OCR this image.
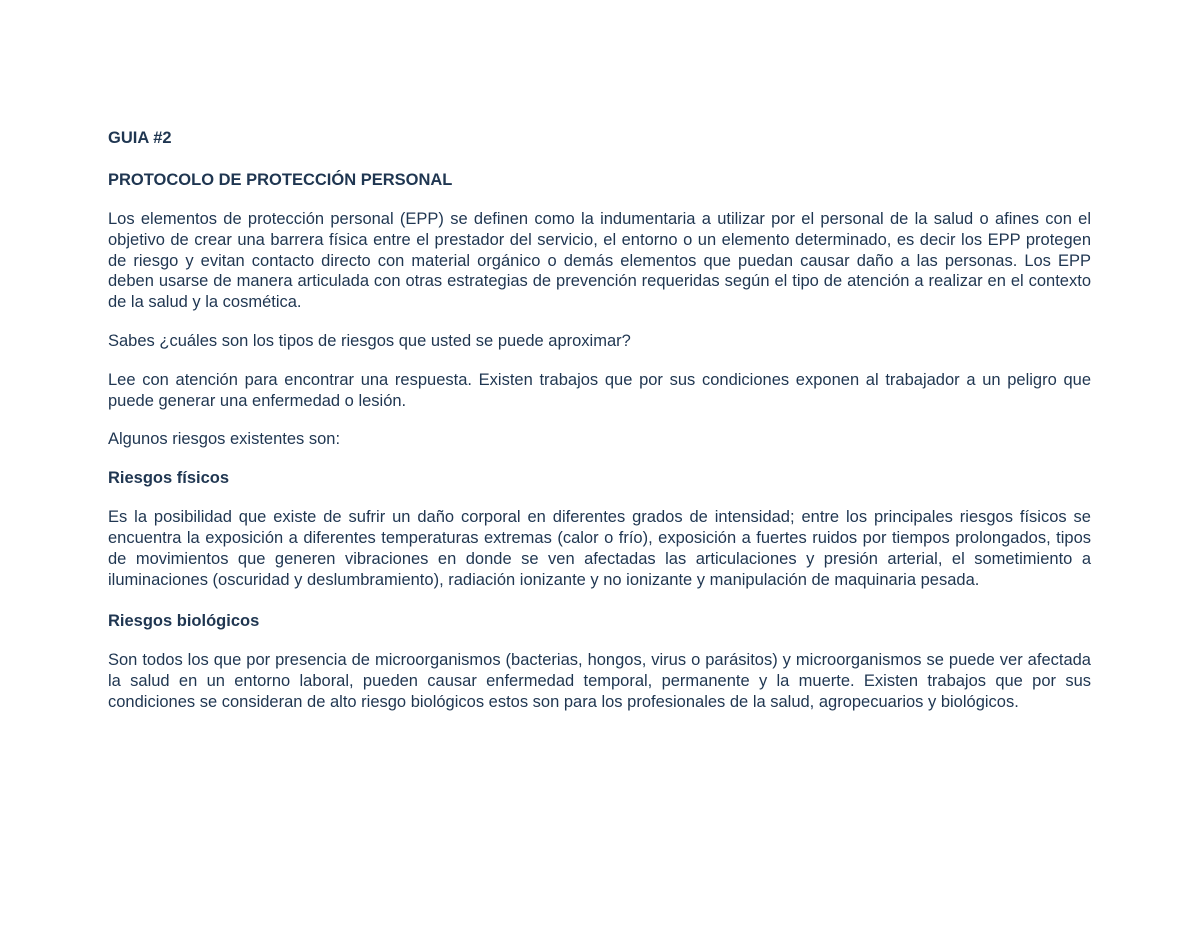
GUIA #2
PROTOCOLO DE PROTECCIÓN PERSONAL

Los elementos de protección personal (EPP) se definen como la indumentaria a utilizar por el personal de la salud o afines con el objetivo de crear una barrera física entre el prestador del servicio, el entorno o un elemento determinado, es decir los EPP protegen de riesgo y evitan contacto directo con material orgánico o demás elementos que puedan causar daño a las personas. Los EPP deben usarse de manera articulada con otras estrategias de prevención requeridas según el tipo de atención a realizar en el contexto de la salud y la cosmética.

Sabes ¿cuáles son los tipos de riesgos que usted se puede aproximar?

Lee con atención para encontrar una respuesta. Existen trabajos que por sus condiciones exponen al trabajador a un peligro que puede generar una enfermedad o lesión.

Algunos riesgos existentes son:

Riesgos físicos

Es la posibilidad que existe de sufrir un daño corporal en diferentes grados de intensidad; entre los principales riesgos físicos se encuentra la exposición a diferentes temperaturas extremas (calor o frío), exposición a fuertes ruidos por tiempos prolongados, tipos de movimientos que generen vibraciones en donde se ven afectadas las articulaciones y presión arterial, el sometimiento a iluminaciones (oscuridad y deslumbramiento), radiación ionizante y no ionizante y manipulación de maquinaria pesada.

Riesgos biológicos

Son todos los que por presencia de microorganismos (bacterias, hongos, virus o parásitos) y microorganismos se puede ver afectada la salud en un entorno laboral, pueden causar enfermedad temporal, permanente y la muerte. Existen trabajos que por sus condiciones se consideran de alto riesgo biológicos estos son para los profesionales de la salud, agropecuarios y biológicos.
